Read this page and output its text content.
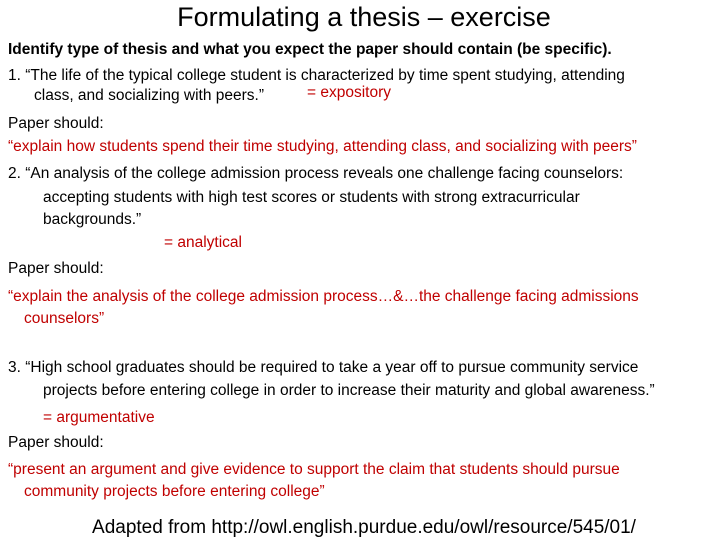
Formulating a thesis – exercise
Identify type of thesis and what you expect the paper should contain (be specific).
1. “The life of the typical college student is characterized by time spent studying, attending
class, and socializing with peers.”	= expository
Paper should:
“explain how students spend their time studying, attending class, and socializing with peers”
2. “An analysis of the college admission process reveals one challenge facing counselors:
accepting students with high test scores or students with strong extracurricular
backgrounds.”
= analytical
Paper should:
“explain the analysis of the college admission process…&…the challenge facing admissions
counselors”
3. “High school graduates should be required to take a year off to pursue community service
projects before entering college in order to increase their maturity and global awareness.”
= argumentative
Paper should:
“present an argument and give evidence to support the claim that students should pursue
community projects before entering college”
Adapted from http://owl.english.purdue.edu/owl/resource/545/01/
